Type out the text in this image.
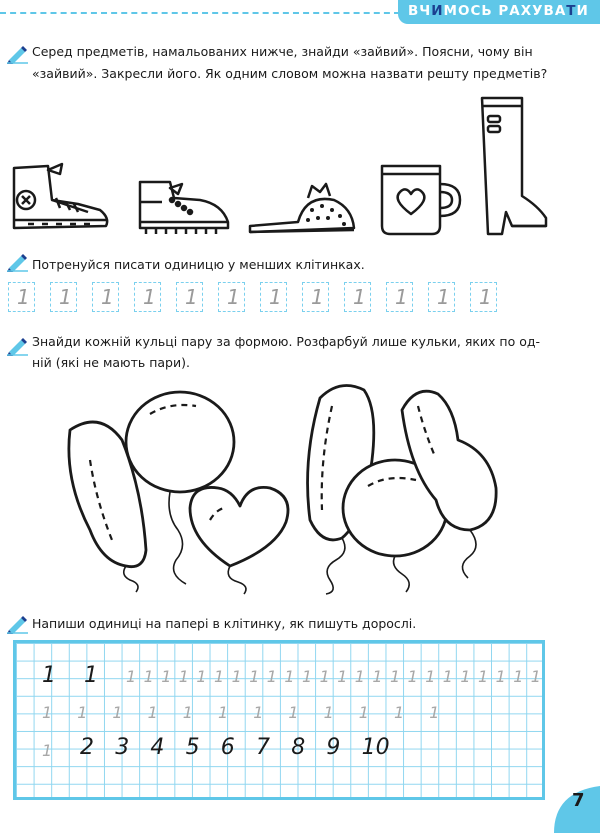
ВЧИМОСЬ РАХУВАТИ
Серед предметів, намальованих нижче, знайди «зайвий». Поясни, чому він
«зайвий». Закресли його. Як одним словом можна назвати решту предметів?
Потренуйся писати одиницю у менших клітинках.
1 1 1 1 1 1 1 1 1 1 1 1
Знайди кожній кульці пару за формою. Розфарбуй лише кульки, яких по од-
ній (які не мають пари).
Напиши одиниці на папері в клітинку, як пишуть дорослі.
1 1 1 1 1 1 1 1 1 1 1 1 1 1 1 1 1 1 1 1 1 1 1 1 1 1
1 1 1 1 1 1 1 1 1 1 1 1
1 2 3 4 5 6 7 8 9 10
7
